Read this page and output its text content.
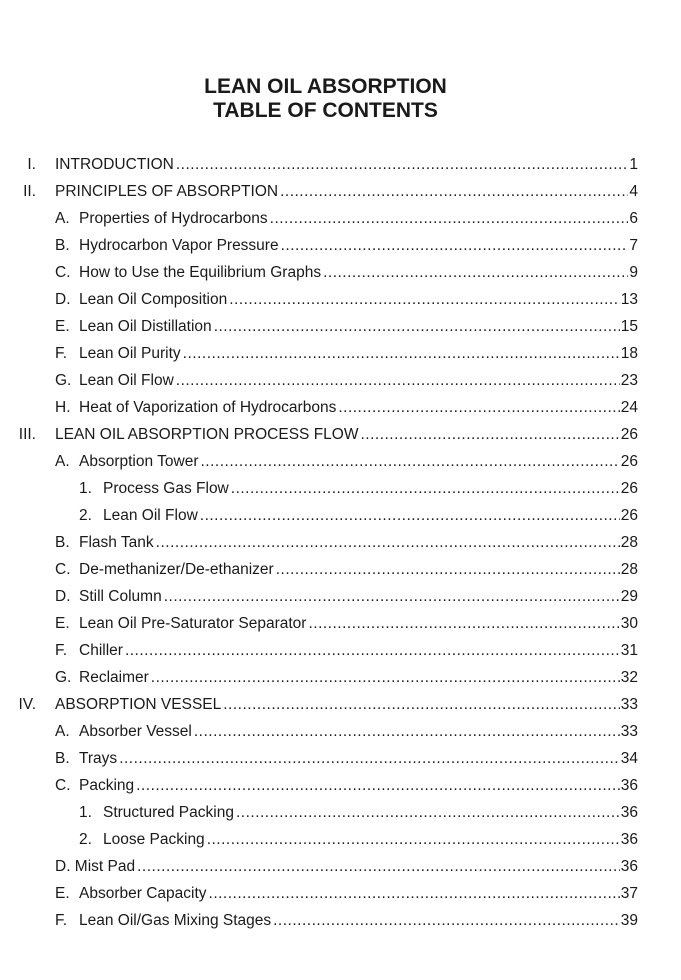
LEAN OIL ABSORPTION
TABLE OF CONTENTS
I. INTRODUCTION .....	1
II. PRINCIPLES OF ABSORPTION .....	4
A. Properties of Hydrocarbons .....	6
B. Hydrocarbon Vapor Pressure .....	7
C. How to Use the Equilibrium Graphs .....	9
D. Lean Oil Composition .....	13
E. Lean Oil Distillation .....	15
F. Lean Oil Purity .....	18
G. Lean Oil Flow .....	23
H. Heat of Vaporization of Hydrocarbons .....	24
III. LEAN OIL ABSORPTION PROCESS FLOW .....	26
A. Absorption Tower .....	26
1. Process Gas Flow .....	26
2. Lean Oil Flow .....	26
B. Flash Tank .....	28
C. De-methanizer/De-ethanizer .....	28
D. Still Column .....	29
E. Lean Oil Pre-Saturator Separator .....	30
F. Chiller .....	31
G. Reclaimer .....	32
IV. ABSORPTION VESSEL .....	33
A. Absorber Vessel .....	33
B. Trays .....	34
C. Packing .....	36
1. Structured Packing .....	36
2. Loose Packing .....	36
D. Mist Pad .....	36
E. Absorber Capacity .....	37
F. Lean Oil/Gas Mixing Stages .....	39
